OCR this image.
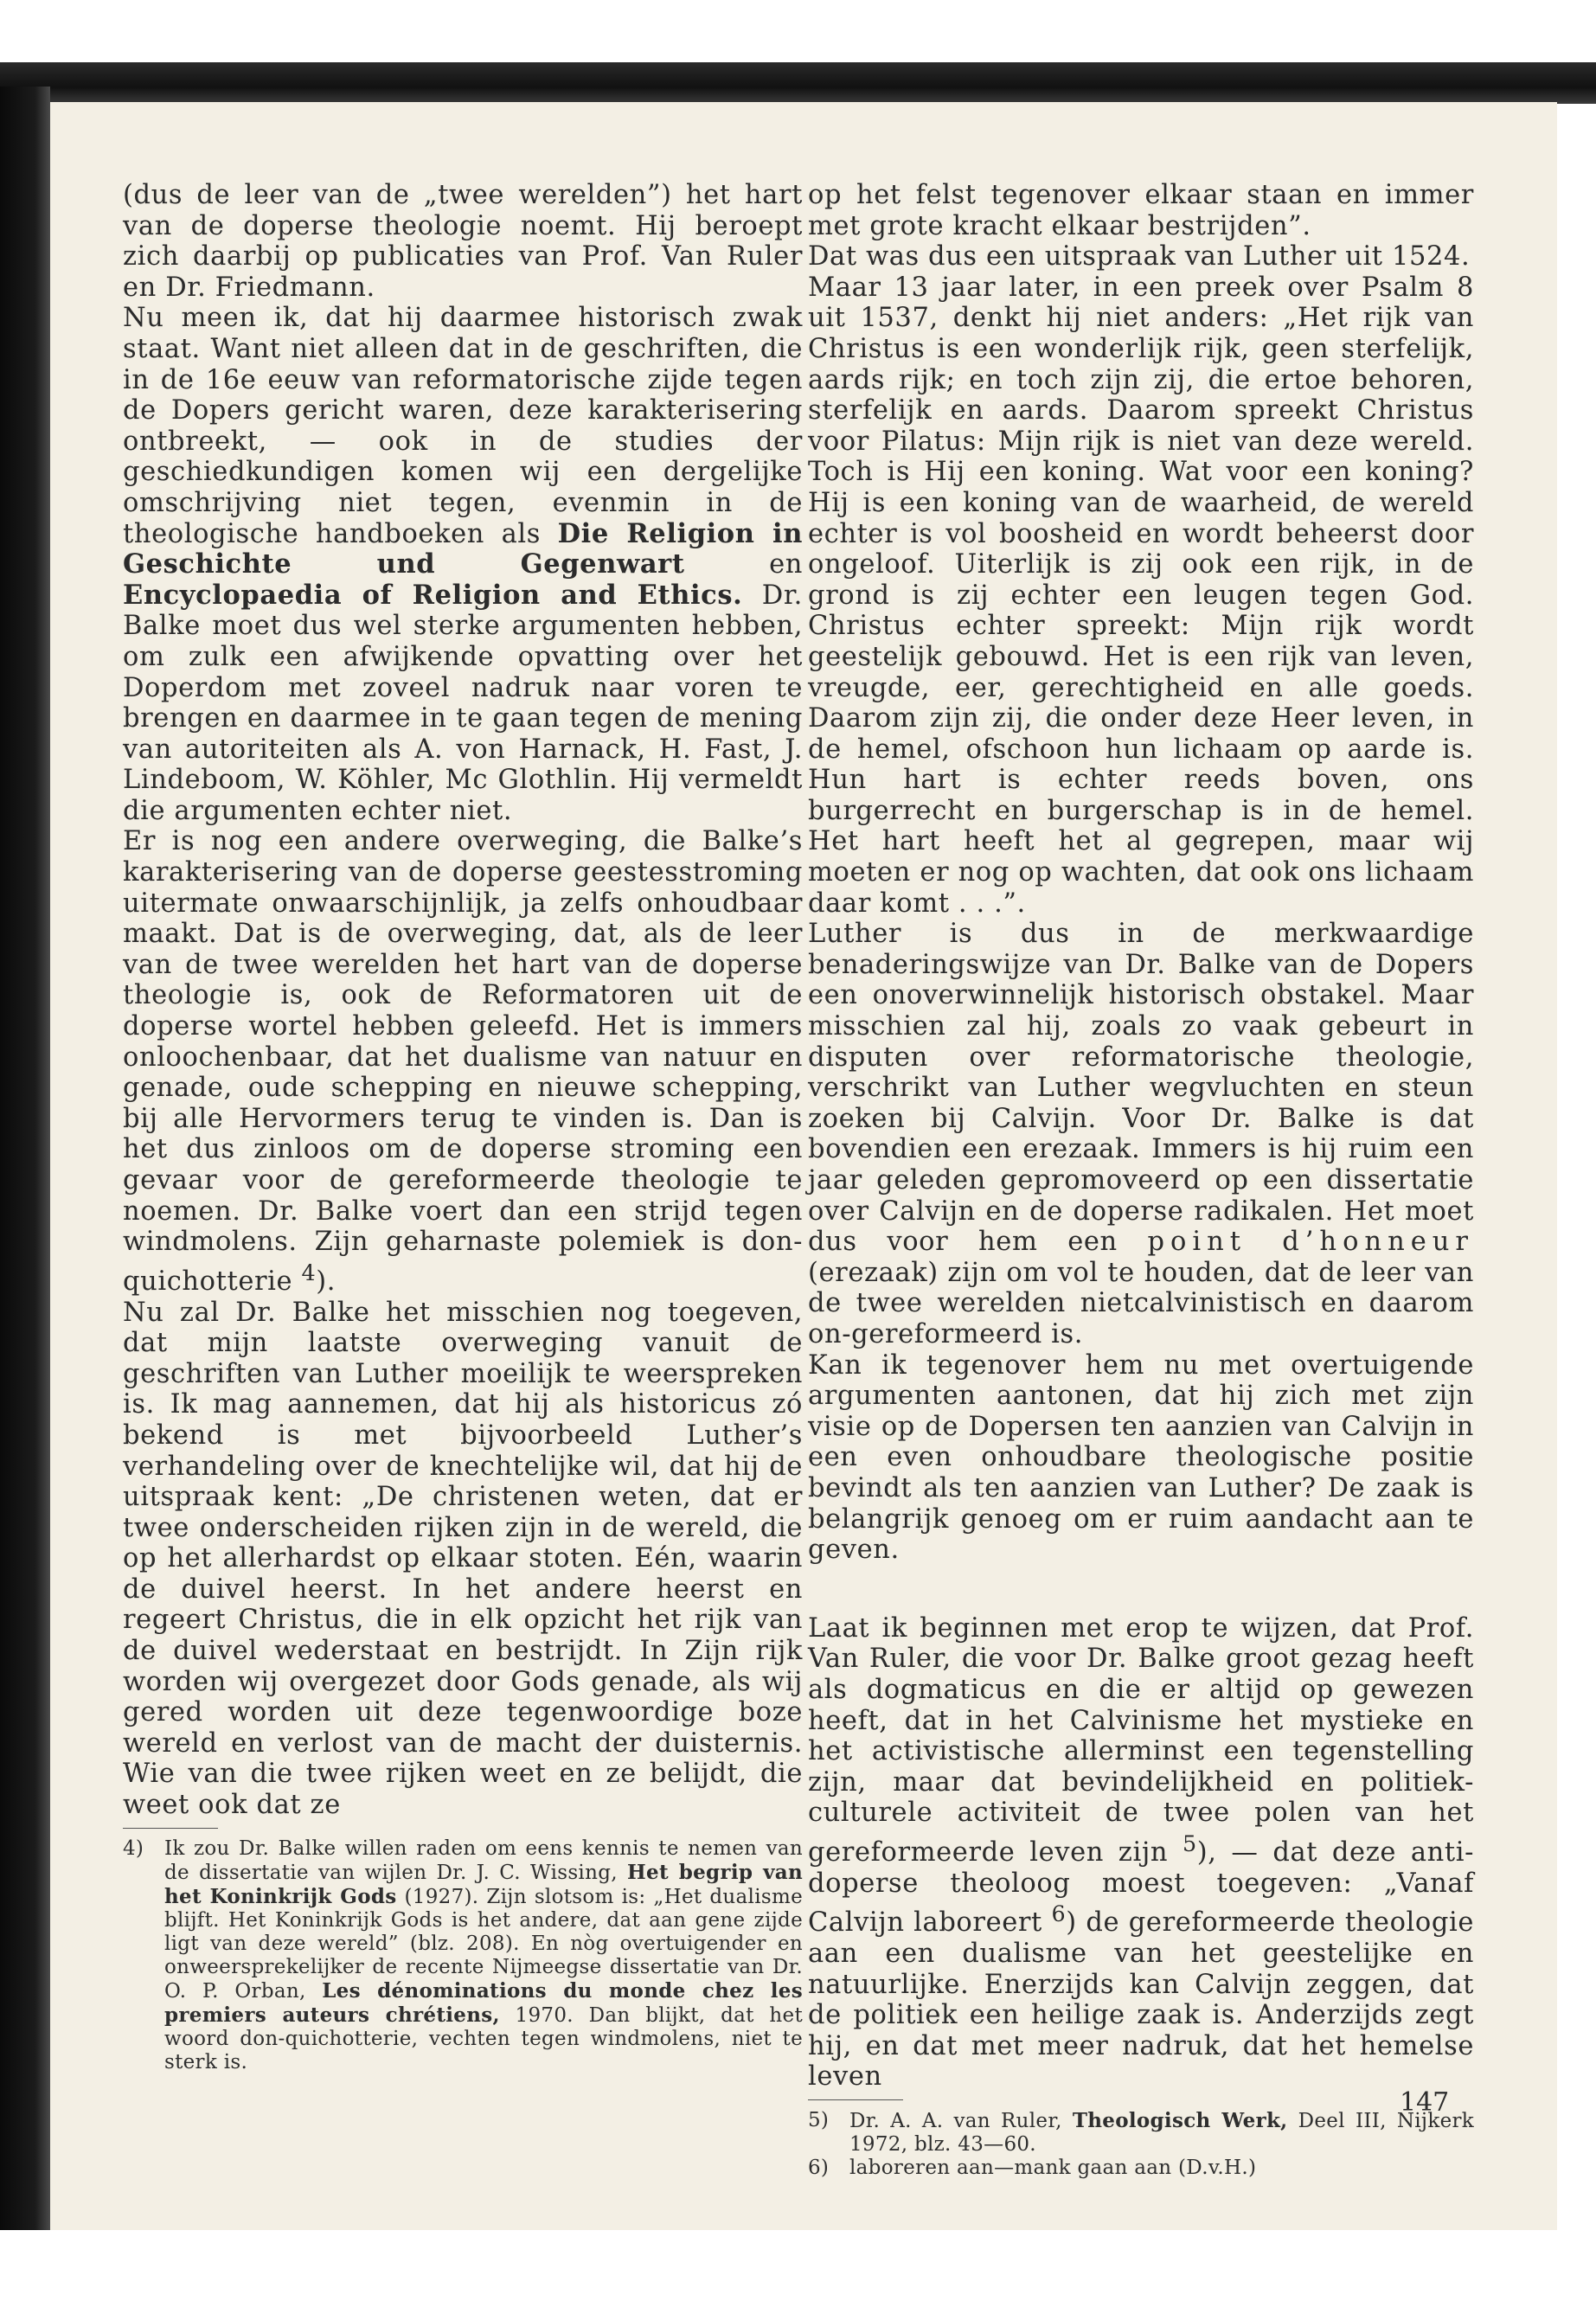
(dus de leer van de „twee werelden”) het hart van de doperse theologie noemt. Hij beroept zich daarbij op publicaties van Prof. Van Ruler en Dr. Friedmann.

Nu meen ik, dat hij daarmee historisch zwak staat. Want niet alleen dat in de geschriften, die in de 16e eeuw van reformatorische zijde tegen de Dopers gericht waren, deze karakterisering ontbreekt, — ook in de studies der geschiedkundigen komen wij een dergelijke omschrijving niet tegen, evenmin in de theologische handboeken als Die Religion in Geschichte und Gegenwart en Encyclopaedia of Religion and Ethics. Dr. Balke moet dus wel sterke argumenten hebben, om zulk een afwijkende opvatting over het Doperdom met zoveel nadruk naar voren te brengen en daarmee in te gaan tegen de mening van autoriteiten als A. von Harnack, H. Fast, J. Lindeboom, W. Köhler, Mc Glothlin. Hij vermeldt die argumenten echter niet.

Er is nog een andere overweging, die Balke’s karakterisering van de doperse geestesstroming uitermate onwaarschijnlijk, ja zelfs onhoudbaar maakt. Dat is de overweging, dat, als de leer van de twee werelden het hart van de doperse theologie is, ook de Reformatoren uit de doperse wortel hebben geleefd. Het is immers onloochenbaar, dat het dualisme van natuur en genade, oude schepping en nieuwe schepping, bij alle Hervormers terug te vinden is. Dan is het dus zinloos om de doperse stroming een gevaar voor de gereformeerde theologie te noemen. Dr. Balke voert dan een strijd tegen windmolens. Zijn geharnaste polemiek is don-quichotterie $^4$).

Nu zal Dr. Balke het misschien nog toegeven, dat mijn laatste overweging vanuit de geschriften van Luther moeilijk te weerspreken is. Ik mag aannemen, dat hij als historicus zó bekend is met bijvoorbeeld Luther’s verhandeling over de knechtelijke wil, dat hij de uitspraak kent: „De christenen weten, dat er twee onderscheiden rijken zijn in de wereld, die op het allerhardst op elkaar stoten. Eén, waarin de duivel heerst. In het andere heerst en regeert Christus, die in elk opzicht het rijk van de duivel wederstaat en bestrijdt. In Zijn rijk worden wij overgezet door Gods genade, als wij gered worden uit deze tegenwoordige boze wereld en verlost van de macht der duisternis. Wie van die twee rijken weet en ze belijdt, die weet ook dat ze

4)	Ik zou Dr. Balke willen raden om eens kennis te nemen van de dissertatie van wijlen Dr. J. C. Wissing, Het begrip van het Koninkrijk Gods (1927). Zijn slotsom is: „Het dualisme blijft. Het Koninkrijk Gods is het andere, dat aan gene zijde ligt van deze wereld” (blz. 208). En nòg overtuigender en onweersprekelijker de recente Nijmeegse dissertatie van Dr. O. P. Orban, Les dénominations du monde chez les premiers auteurs chrétiens, 1970. Dan blijkt, dat het woord don-quichotterie, vechten tegen windmolens, niet te sterk is.

op het felst tegenover elkaar staan en immer met grote kracht elkaar bestrijden”.

Dat was dus een uitspraak van Luther uit 1524.

Maar 13 jaar later, in een preek over Psalm 8 uit 1537, denkt hij niet anders: „Het rijk van Christus is een wonderlijk rijk, geen sterfelijk, aards rijk; en toch zijn zij, die ertoe behoren, sterfelijk en aards. Daarom spreekt Christus voor Pilatus: Mijn rijk is niet van deze wereld. Toch is Hij een koning. Wat voor een koning? Hij is een koning van de waarheid, de wereld echter is vol boosheid en wordt beheerst door ongeloof. Uiterlijk is zij ook een rijk, in de grond is zij echter een leugen tegen God. Christus echter spreekt: Mijn rijk wordt geestelijk gebouwd. Het is een rijk van leven, vreugde, eer, gerechtigheid en alle goeds. Daarom zijn zij, die onder deze Heer leven, in de hemel, ofschoon hun lichaam op aarde is. Hun hart is echter reeds boven, ons burgerrecht en burgerschap is in de hemel. Het hart heeft het al gegrepen, maar wij moeten er nog op wachten, dat ook ons lichaam daar komt . . .”.

Luther is dus in de merkwaardige benaderingswijze van Dr. Balke van de Dopers een onoverwinnelijk historisch obstakel. Maar misschien zal hij, zoals zo vaak gebeurt in disputen over reformatorische theologie, verschrikt van Luther wegvluchten en steun zoeken bij Calvijn. Voor Dr. Balke is dat bovendien een erezaak. Immers is hij ruim een jaar geleden gepromoveerd op een dissertatie over Calvijn en de doperse radikalen. Het moet dus voor hem een point d’honneur (erezaak) zijn om vol te houden, dat de leer van de twee werelden nietcalvinistisch en daarom on-gereformeerd is.

Kan ik tegenover hem nu met overtuigende argumenten aantonen, dat hij zich met zijn visie op de Dopersen ten aanzien van Calvijn in een even onhoudbare theologische positie bevindt als ten aanzien van Luther? De zaak is belangrijk genoeg om er ruim aandacht aan te geven.

Laat ik beginnen met erop te wijzen, dat Prof. Van Ruler, die voor Dr. Balke groot gezag heeft als dogmaticus en die er altijd op gewezen heeft, dat in het Calvinisme het mystieke en het activistische allerminst een tegenstelling zijn, maar dat bevindelijkheid en politiek-culturele activiteit de twee polen van het gereformeerde leven zijn $^5$), — dat deze anti-doperse theoloog moest toegeven: „Vanaf Calvijn laboreert $^6$) de gereformeerde theologie aan een dualisme van het geestelijke en natuurlijke. Enerzijds kan Calvijn zeggen, dat de politiek een heilige zaak is. Anderzijds zegt hij, en dat met meer nadruk, dat het hemelse leven

5)	Dr. A. A. van Ruler, Theologisch Werk, Deel III, Nijkerk 1972, blz. 43—60.
6)	laboreren aan—mank gaan aan (D.v.H.)
147
